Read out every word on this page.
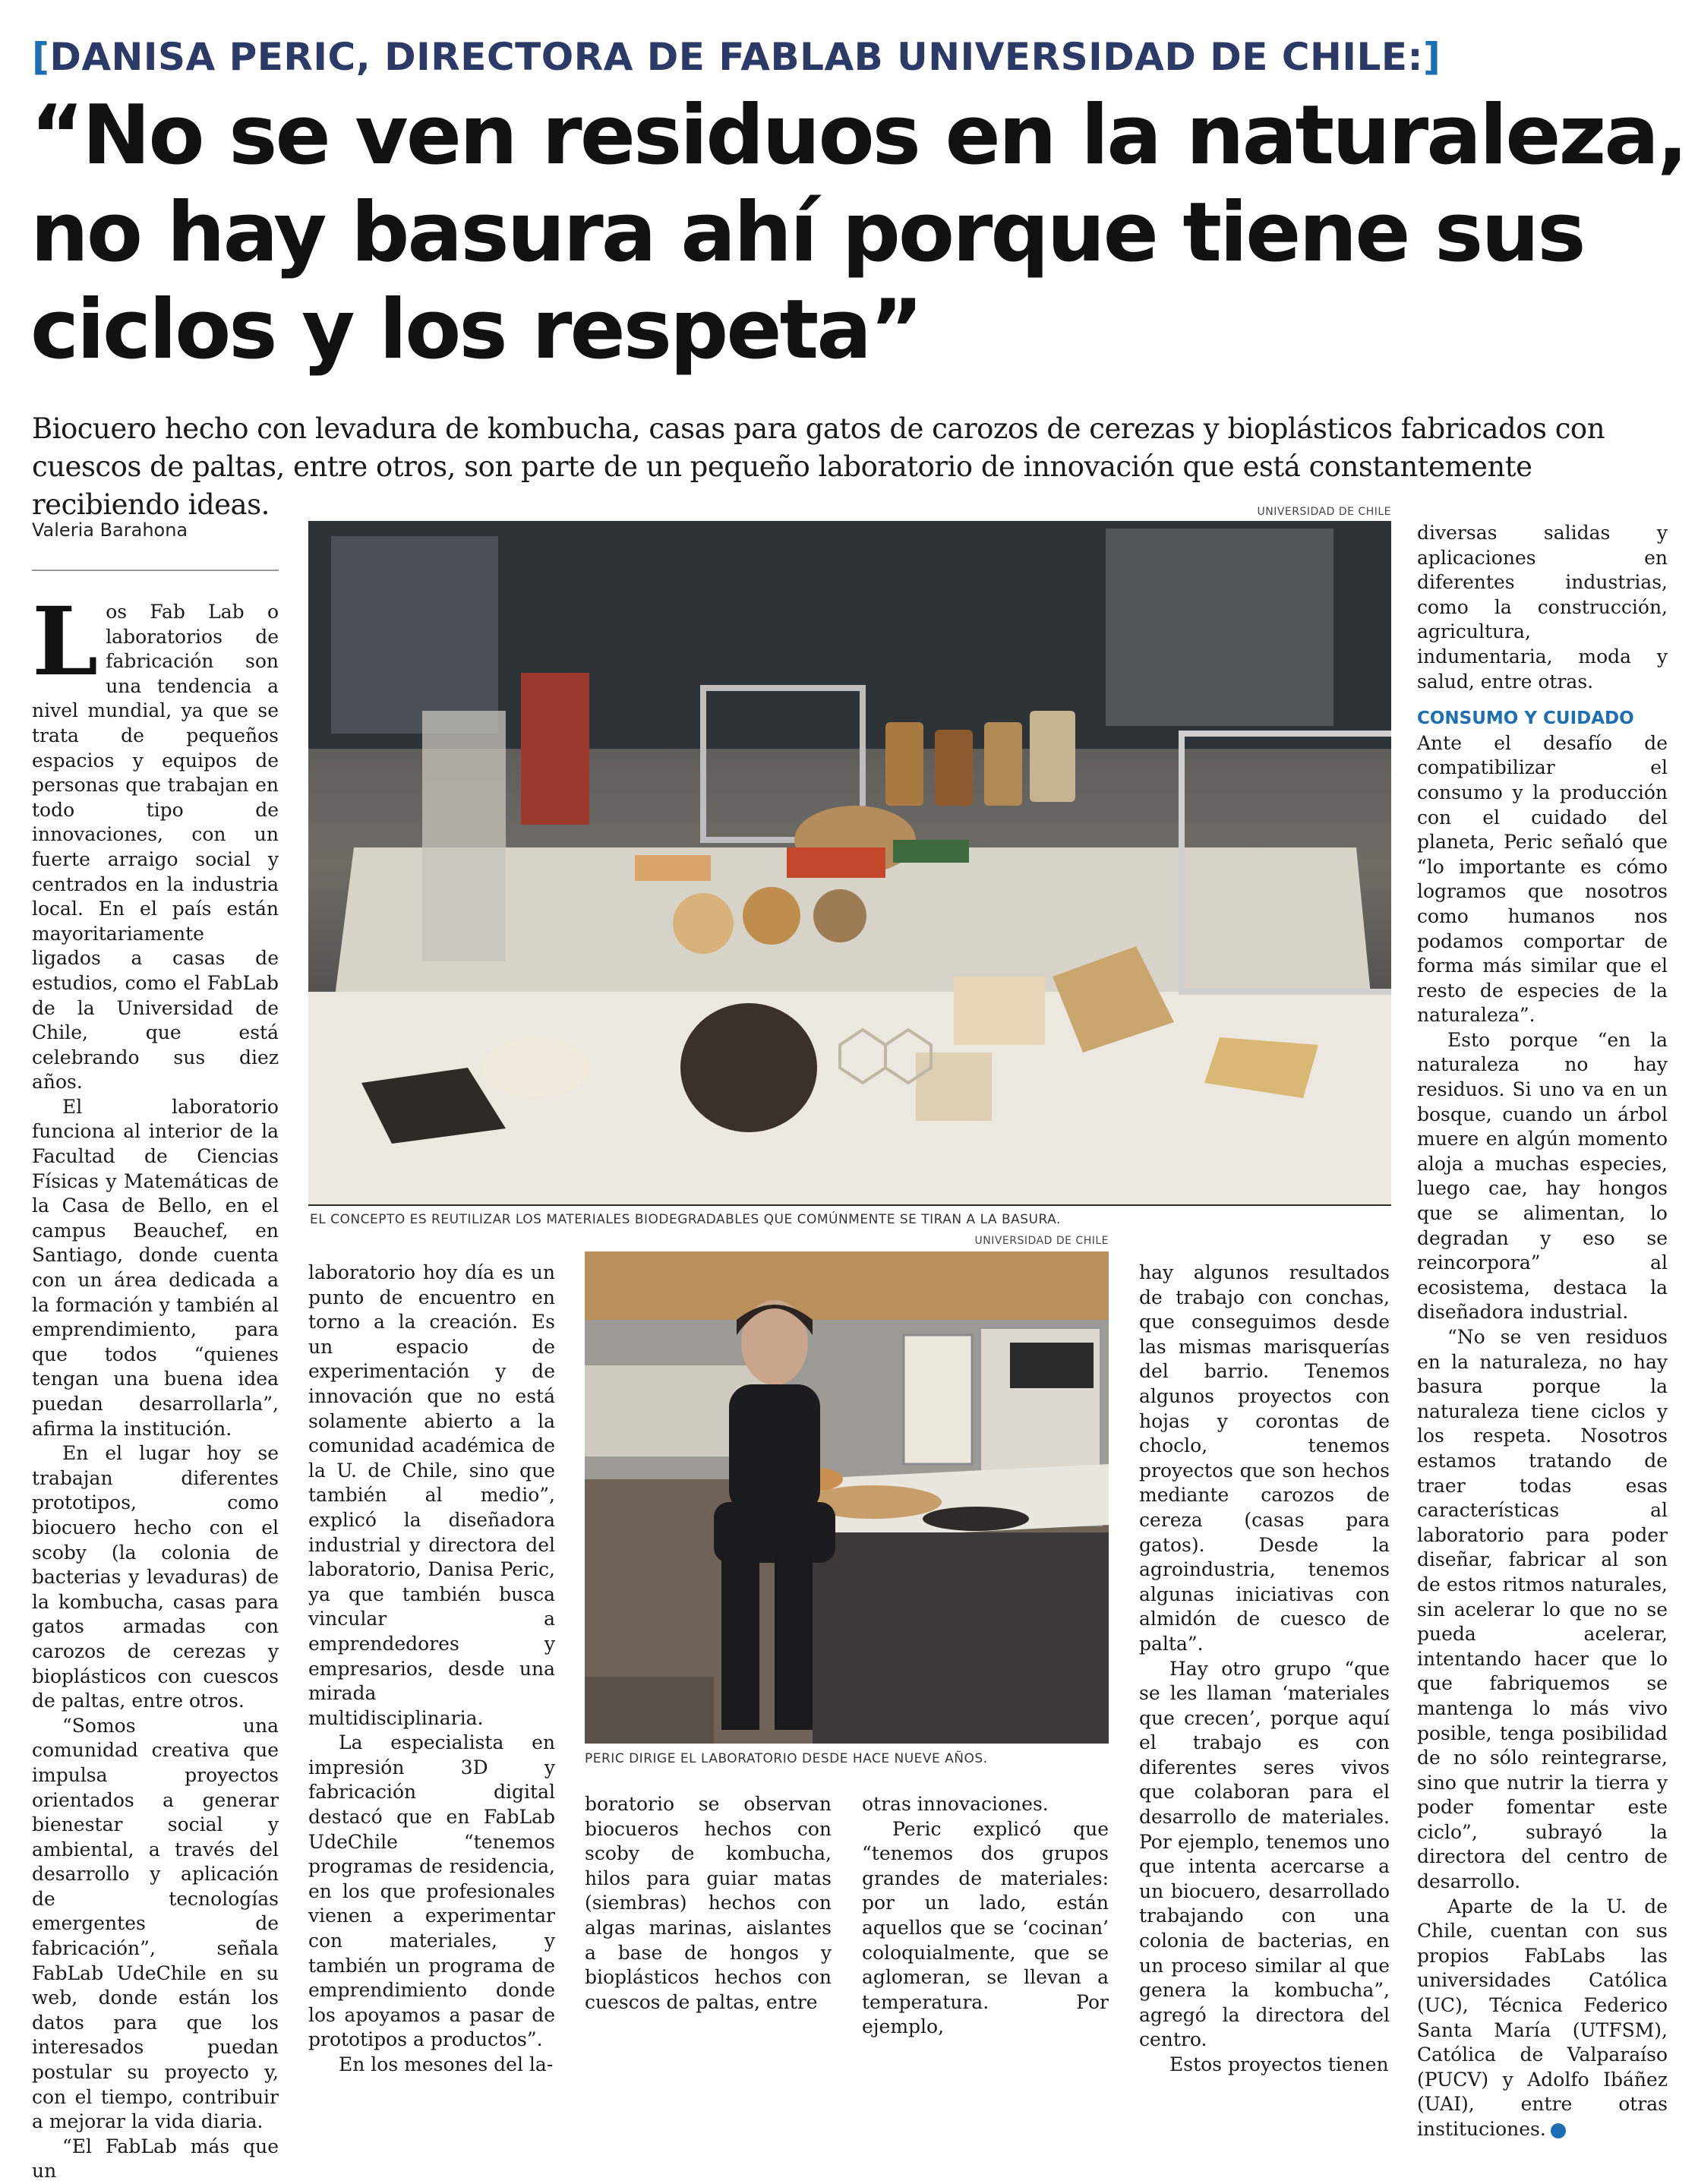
[DANISA PERIC, DIRECTORA DE FABLAB UNIVERSIDAD DE CHILE:]
“No se ven residuos en la naturaleza,
no hay basura ahí porque tiene sus
ciclos y los respeta”
Biocuero hecho con levadura de kombucha, casas para gatos de carozos de cerezas y bioplásticos fabricados con cuescos de paltas, entre otros, son parte de un pequeño laboratorio de innovación que está constantemente recibiendo ideas.
Valeria Barahona
UNIVERSIDAD DE CHILE
EL CONCEPTO ES REUTILIZAR LOS MATERIALES BIODEGRADABLES QUE COMÚNMENTE SE TIRAN A LA BASURA.
UNIVERSIDAD DE CHILE
PERIC DIRIGE EL LABORATORIO DESDE HACE NUEVE AÑOS.

Los Fab Lab o laboratorios de fabricación son una tendencia a nivel mundial, ya que se trata de pequeños espacios y equipos de personas que trabajan en todo tipo de innovaciones, con un fuerte arraigo social y centrados en la industria local. En el país están mayoritariamente ligados a casas de estudios, como el FabLab de la Universidad de Chile, que está celebrando sus diez años.

El laboratorio funciona al interior de la Facultad de Ciencias Físicas y Matemáticas de la Casa de Bello, en el campus Beauchef, en Santiago, donde cuenta con un área dedicada a la formación y también al emprendimiento, para que todos “quienes tengan una buena idea puedan desarrollarla”, afirma la institución.

En el lugar hoy se trabajan diferentes prototipos, como biocuero hecho con el scoby (la colonia de bacterias y levaduras) de la kombucha, casas para gatos armadas con carozos de cerezas y bioplásticos con cuescos de paltas, entre otros.

“Somos una comunidad creativa que impulsa proyectos orientados a generar bienestar social y ambiental, a través del desarrollo y aplicación de tecnologías emergentes de fabricación”, señala FabLab UdeChile en su web, donde están los datos para que los interesados puedan postular su proyecto y, con el tiempo, contribuir a mejorar la vida diaria.

“El FabLab más que un

laboratorio hoy día es un punto de encuentro en torno a la creación. Es un espacio de experimentación y de innovación que no está solamente abierto a la comunidad académica de la U. de Chile, sino que también al medio”, explicó la diseñadora industrial y directora del laboratorio, Danisa Peric, ya que también busca vincular a emprendedores y empresarios, desde una mirada multidisciplinaria.

La especialista en impresión 3D y fabricación digital destacó que en FabLab UdeChile “tenemos programas de residencia, en los que profesionales vienen a experimentar con materiales, y también un programa de emprendimiento donde los apoyamos a pasar de prototipos a productos”.

En los mesones del la-

boratorio se observan biocueros hechos con scoby de kombucha, hilos para guiar matas (siembras) hechos con algas marinas, aislantes a base de hongos y bioplásticos hechos con cuescos de paltas, entre

otras innovaciones.

Peric explicó que “tenemos dos grupos grandes de materiales: por un lado, están aquellos que se ‘cocinan’ coloquialmente, que se aglomeran, se llevan a temperatura. Por ejemplo,

hay algunos resultados de trabajo con conchas, que conseguimos desde las mismas marisquerías del barrio. Tenemos algunos proyectos con hojas y corontas de choclo, tenemos proyectos que son hechos mediante carozos de cereza (casas para gatos). Desde la agroindustria, tenemos algunas iniciativas con almidón de cuesco de palta”.

Hay otro grupo “que se les llaman ‘materiales que crecen’, porque aquí el trabajo es con diferentes seres vivos que colaboran para el desarrollo de materiales. Por ejemplo, tenemos uno que intenta acercarse a un biocuero, desarrollado trabajando con una colonia de bacterias, en un proceso similar al que genera la kombucha”, agregó la directora del centro.

Estos proyectos tienen

diversas salidas y aplicaciones en diferentes industrias, como la construcción, agricultura, indumentaria, moda y salud, entre otras.

CONSUMO Y CUIDADO

Ante el desafío de compatibilizar el consumo y la producción con el cuidado del planeta, Peric señaló que “lo importante es cómo logramos que nosotros como humanos nos podamos comportar de forma más similar que el resto de especies de la naturaleza”.

Esto porque “en la naturaleza no hay residuos. Si uno va en un bosque, cuando un árbol muere en algún momento aloja a muchas especies, luego cae, hay hongos que se alimentan, lo degradan y eso se reincorpora” al ecosistema, destaca la diseñadora industrial.

“No se ven residuos en la naturaleza, no hay basura porque la naturaleza tiene ciclos y los respeta. Nosotros estamos tratando de traer todas esas características al laboratorio para poder diseñar, fabricar al son de estos ritmos naturales, sin acelerar lo que no se pueda acelerar, intentando hacer que lo que fabriquemos se mantenga lo más vivo posible, tenga posibilidad de no sólo reintegrarse, sino que nutrir la tierra y poder fomentar este ciclo”, subrayó la directora del centro de desarrollo.

Aparte de la U. de Chile, cuentan con sus propios FabLabs las universidades Católica (UC), Técnica Federico Santa María (UTFSM), Católica de Valparaíso (PUCV) y Adolfo Ibáñez (UAI), entre otras instituciones.	✪
